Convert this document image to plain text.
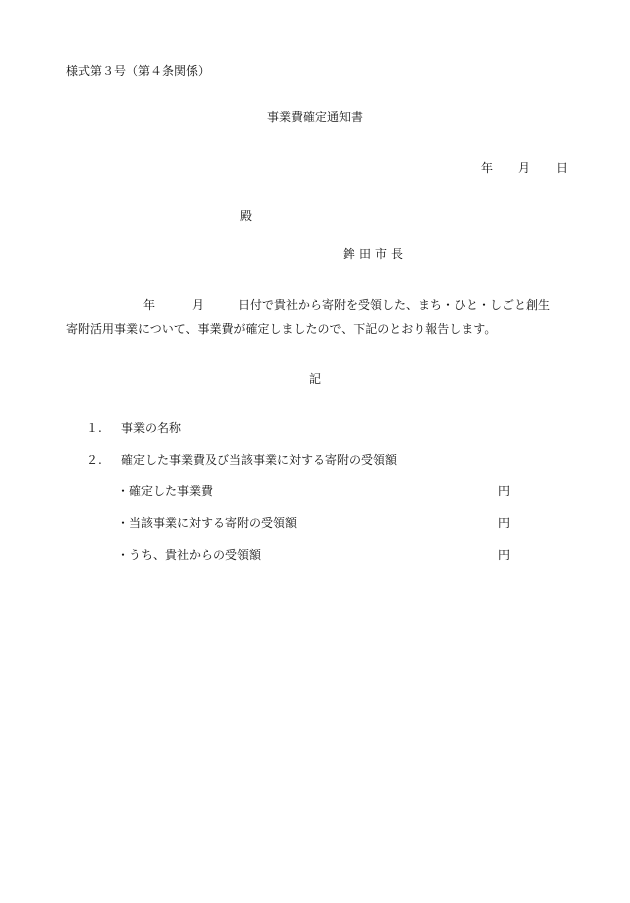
様式第３号（第４条関係）
事業費確定通知書
年 月 日
殿
鉾田市長
年	月	日付で貴社から寄附を受領した、まち・ひと・しごと創生
寄附活用事業について、事業費が確定しましたので、下記のとおり報告します。
記
１. 事業の名称
２. 確定した事業費及び当該事業に対する寄附の受領額
・確定した事業費	円
・当該事業に対する寄附の受領額	円
・うち、貴社からの受領額	円
